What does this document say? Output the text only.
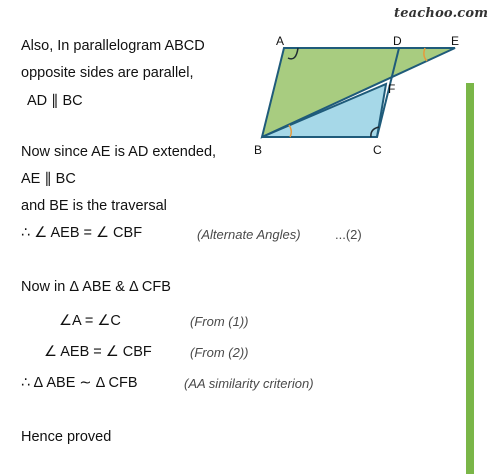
teachoo.com
Also, In parallelogram ABCD
opposite sides are parallel,
AD ∥ BC
Now since AE is AD extended,
AE ∥ BC
and BE is the traversal
∴ ∠ AEB = ∠ CBF	(Alternate Angles)	...(2)
Now in Δ ABE & Δ CFB
∠A = ∠C	(From (1))
∠ AEB = ∠ CBF	(From (2))
∴ Δ ABE ∼ Δ CFB	(AA similarity criterion)
Hence proved
A	D	E
F
B	C
